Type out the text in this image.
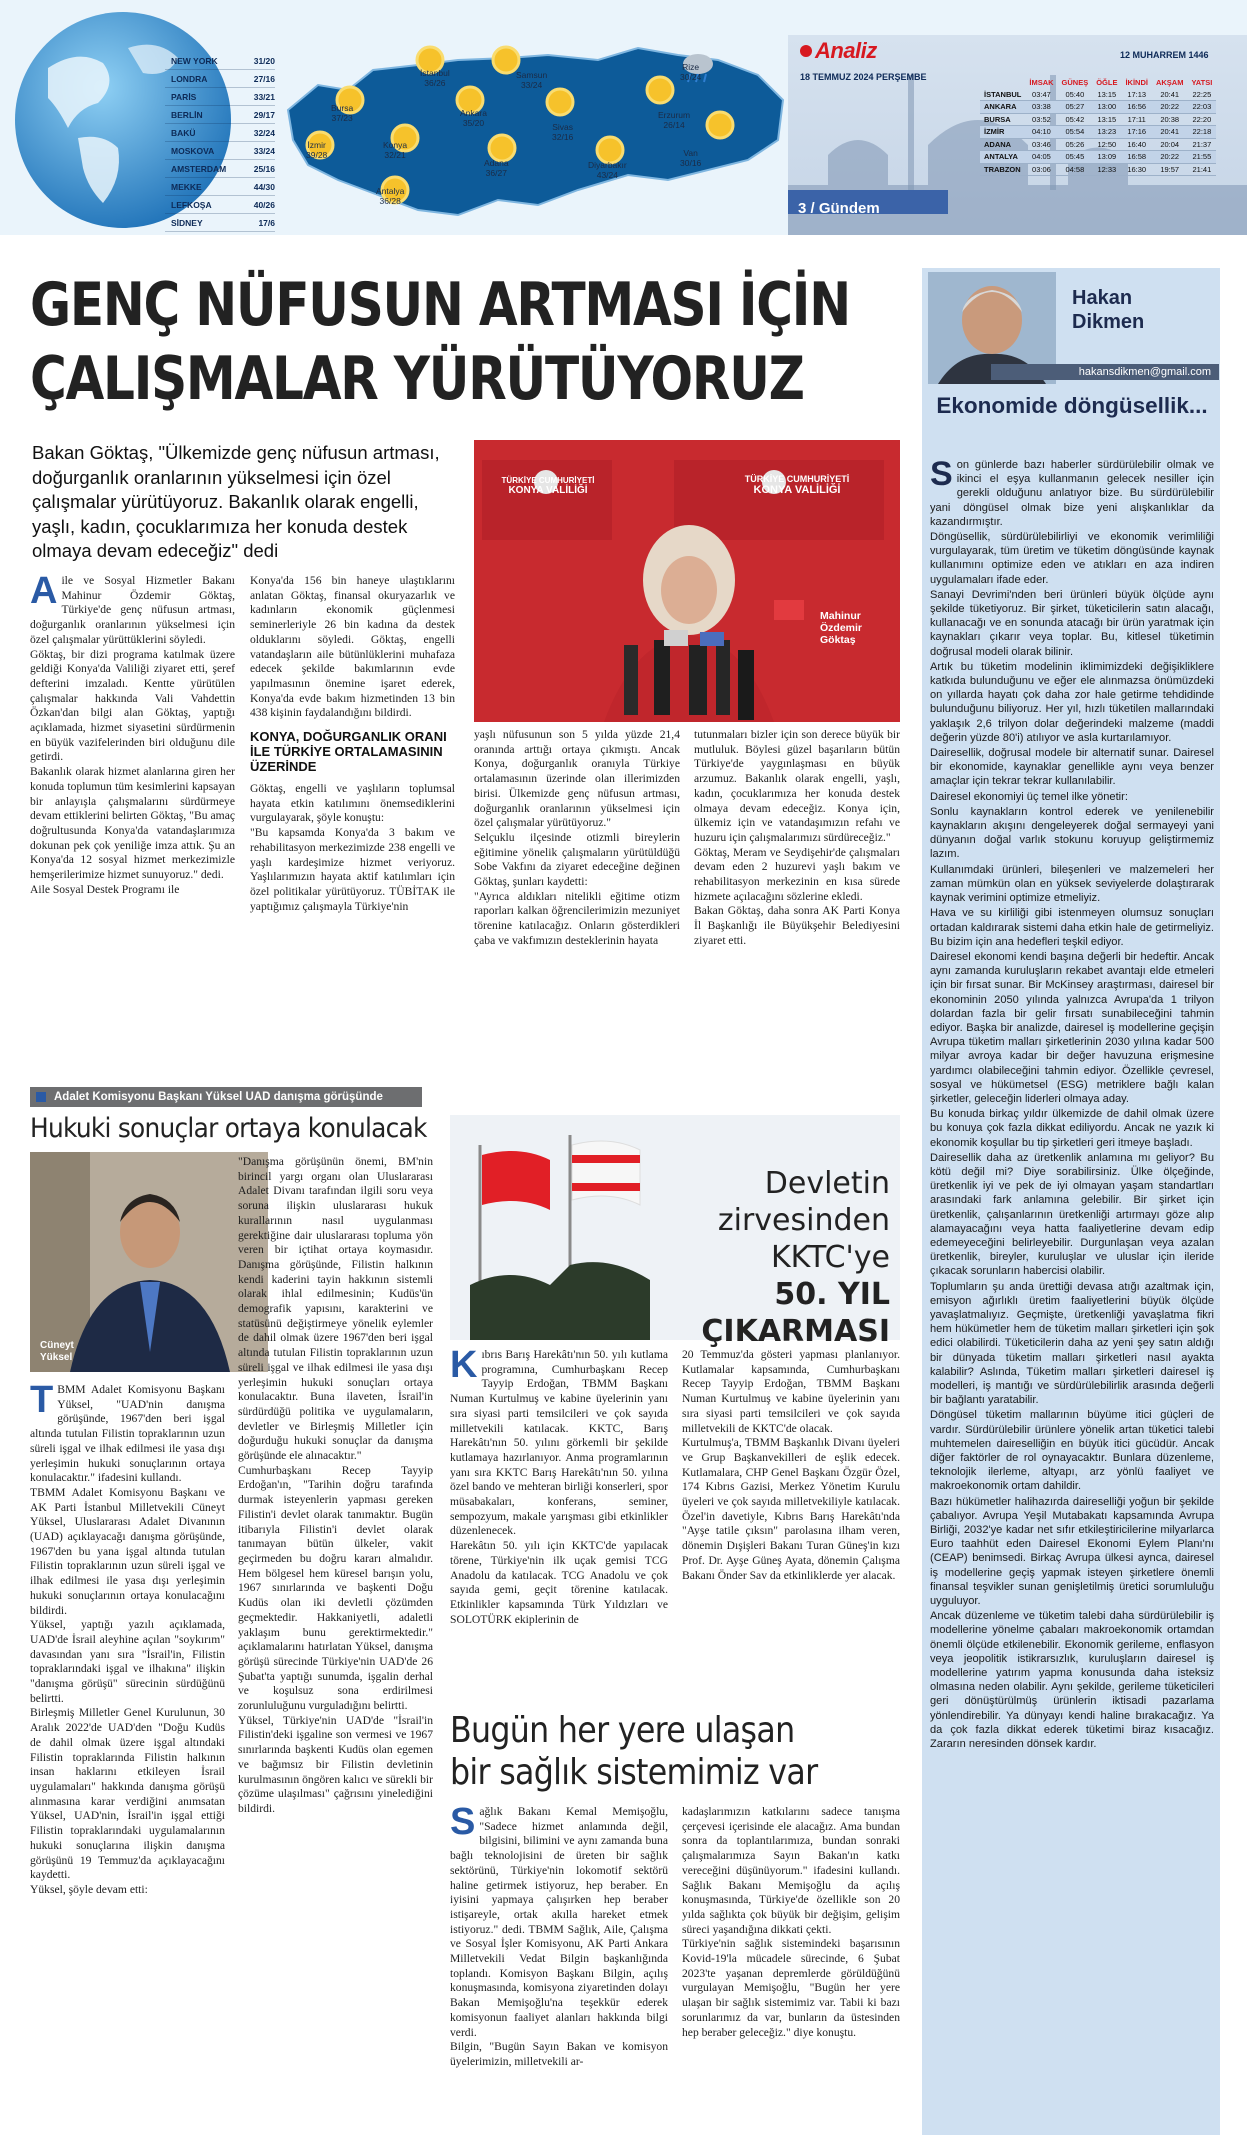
NEW YORK	31/20
LONDRA	27/16
PARİS	33/21
BERLİN	29/17
BAKÜ	32/24
MOSKOVA	33/24
AMSTERDAM	25/16
MEKKE	44/30
LEFKOŞA	40/26
SİDNEY	17/6
İstanbul
36/26
Samsun
33/24
Rize
30/24
Bursa
37/23	Ankara
35/20	Sivas
32/16
Erzurum
26/14
İzmir
39/28
Konya
32/21
Adana
36/27
Diyarbakır
43/24
Van
30/16
Antalya
36/28
Analiz
18 TEMMUZ 2024 PERŞEMBE
12 MUHARREM 1446
3 / Gündem
	İMSAK	GÜNEŞ	ÖĞLE	İKİNDİ	AKŞAM	YATSI
İSTANBUL	03:47	05:40	13:15	17:13	20:41	22:25
ANKARA	03:38	05:27	13:00	16:56	20:22	22:03
BURSA	03:52	05:42	13:15	17:11	20:38	22:20
İZMİR	04:10	05:54	13:23	17:16	20:41	22:18
ADANA	03:46	05:26	12:50	16:40	20:04	21:37
ANTALYA	04:05	05:45	13:09	16:58	20:22	21:55
TRABZON	03:06	04:58	12:33	16:30	19:57	21:41
GENÇ NÜFUSUN ARTMASI İÇİN
ÇALIŞMALAR YÜRÜTÜYORUZ
Bakan Göktaş, "Ülkemizde genç nüfusun artması, doğurganlık oranlarının yükselmesi için özel çalışmalar yürütüyoruz. Bakanlık olarak engelli, yaşlı, kadın, çocuklarımıza her konuda destek olmaya devam edeceğiz" dedi
TÜRKİYE CUMHURİYETİ
KONYA VALİLİĞİ
TÜRKİYE CUMHURİYETİ
KONYA VALİLİĞİ
Mahinur
Özdemir
Göktaş

Aile ve Sosyal Hizmetler Bakanı Mahinur Özdemir Göktaş, Türkiye'de genç nüfusun artması, doğurganlık oranlarının yükselmesi için özel çalışmalar yürüttüklerini söyledi.

Göktaş, bir dizi programa katılmak üzere geldiği Konya'da Valiliği ziyaret etti, şeref defterini imzaladı. Kentte yürütülen çalışmalar hakkında Vali Vahdettin Özkan'dan bilgi alan Göktaş, yaptığı açıklamada, hizmet siyasetini sürdürmenin en büyük vazifelerinden biri olduğunu dile getirdi.

Bakanlık olarak hizmet alanlarına giren her konuda toplumun tüm kesimlerini kapsayan bir anlayışla çalışmalarını sürdürmeye devam ettiklerini belirten Göktaş, "Bu amaç doğrultusunda Konya'da vatandaşlarımıza dokunan pek çok yeniliğe imza attık. Şu an Konya'da 12 sosyal hizmet merkezimizle hemşerilerimize hizmet sunuyoruz." dedi.

Aile Sosyal Destek Programı ile

Konya'da 156 bin haneye ulaştıklarını anlatan Göktaş, finansal okuryazarlık ve kadınların ekonomik güçlenmesi seminerleriyle 26 bin kadına da destek olduklarını söyledi. Göktaş, engelli vatandaşların aile bütünlüklerini muhafaza edecek şekilde bakımlarının evde yapılmasının önemine işaret ederek, Konya'da evde bakım hizmetinden 13 bin 438 kişinin faydalandığını bildirdi.

KONYA, DOĞURGANLIK ORANI İLE TÜRKİYE ORTALAMASININ ÜZERİNDE

Göktaş, engelli ve yaşlıların toplumsal hayata etkin katılımını önemsediklerini vurgulayarak, şöyle konuştu:

"Bu kapsamda Konya'da 3 bakım ve rehabilitasyon merkezimizde 238 engelli ve yaşlı kardeşimize hizmet veriyoruz. Yaşlılarımızın hayata aktif katılımları için özel politikalar yürütüyoruz. TÜBİTAK ile yaptığımız çalışmayla Türkiye'nin

yaşlı nüfusunun son 5 yılda yüzde 21,4 oranında arttığı ortaya çıkmıştı. Ancak Konya, doğurganlık oranıyla Türkiye ortalamasının üzerinde olan illerimizden birisi. Ülkemizde genç nüfusun artması, doğurganlık oranlarının yükselmesi için özel çalışmalar yürütüyoruz."

Selçuklu ilçesinde otizmli bireylerin eğitimine yönelik çalışmaların yürütüldüğü Sobe Vakfını da ziyaret edeceğine değinen Göktaş, şunları kaydetti:

"Ayrıca aldıkları nitelikli eğitime otizm raporları kalkan öğrencilerimizin mezuniyet törenine katılacağız. Onların gösterdikleri çaba ve vakfımızın desteklerinin hayata

tutunmaları bizler için son derece büyük bir mutluluk. Böylesi güzel başarıların bütün Türkiye'de yaygınlaşması en büyük arzumuz. Bakanlık olarak engelli, yaşlı, kadın, çocuklarımıza her konuda destek olmaya devam edeceğiz. Konya için, ülkemiz için ve vatandaşımızın refahı ve huzuru için çalışmalarımızı sürdüreceğiz."

Göktaş, Meram ve Seydişehir'de çalışmaları devam eden 2 huzurevi yaşlı bakım ve rehabilitasyon merkezinin en kısa sürede hizmete açılacağını sözlerine ekledi.

Bakan Göktaş, daha sonra AK Parti Konya İl Başkanlığı ile Büyükşehir Belediyesini ziyaret etti.

Hakan
Dikmen
hakansdikmen@gmail.com
Ekonomide döngüsellik...

Son günlerde bazı haberler sürdürülebilir olmak ve ikinci el eşya kullanmanın gelecek nesiller için gerekli olduğunu anlatıyor bize. Bu sürdürülebilir yani döngüsel olmak bize yeni alışkanlıklar da kazandırmıştır.

Döngüsellik, sürdürülebilirliyi ve ekonomik verimliliği vurgulayarak, tüm üretim ve tüketim döngüsünde kaynak kullanımını optimize eden ve atıkları en aza indiren uygulamaları ifade eder.

Sanayi Devrimi'nden beri ürünleri büyük ölçüde aynı şekilde tüketiyoruz. Bir şirket, tüketicilerin satın alacağı, kullanacağı ve en sonunda atacağı bir ürün yaratmak için kaynakları çıkarır veya toplar. Bu, kitlesel tüketimin doğrusal modeli olarak bilinir.

Artık bu tüketim modelinin iklimimizdeki değişikliklere katkıda bulunduğunu ve eğer ele alınmazsa önümüzdeki on yıllarda hayatı çok daha zor hale getirme tehdidinde bulunduğunu biliyoruz. Her yıl, hızlı tüketilen mallarındaki yaklaşık 2,6 trilyon dolar değerindeki malzeme (maddi değerin yüzde 80'i) atılıyor ve asla kurtarılamıyor.

Dairesellik, doğrusal modele bir alternatif sunar. Dairesel bir ekonomide, kaynaklar genellikle aynı veya benzer amaçlar için tekrar tekrar kullanılabilir.

Dairesel ekonomiyi üç temel ilke yönetir:

Sonlu kaynakların kontrol ederek ve yenilenebilir kaynakların akışını dengeleyerek doğal sermayeyi yani dünyanın doğal varlık stokunu koruyup geliştirmemiz lazım.

Kullanımdaki ürünleri, bileşenleri ve malzemeleri her zaman mümkün olan en yüksek seviyelerde dolaştırarak kaynak verimini optimize etmeliyiz.

Hava ve su kirliliği gibi istenmeyen olumsuz sonuçları ortadan kaldırarak sistemi daha etkin hale de getirmeliyiz. Bu bizim için ana hedefleri teşkil ediyor.

Dairesel ekonomi kendi başına değerli bir hedeftir. Ancak aynı zamanda kuruluşların rekabet avantajı elde etmeleri için bir fırsat sunar. Bir McKinsey araştırması, dairesel bir ekonominin 2050 yılında yalnızca Avrupa'da 1 trilyon dolardan fazla bir gelir fırsatı sunabileceğini tahmin ediyor. Başka bir analizde, dairesel iş modellerine geçişin Avrupa tüketim malları şirketlerinin 2030 yılına kadar 500 milyar avroya kadar bir değer havuzuna erişmesine yardımcı olabileceğini tahmin ediyor. Özellikle çevresel, sosyal ve hükümetsel (ESG) metriklere bağlı kalan şirketler, geleceğin liderleri olmaya aday.

Bu konuda birkaç yıldır ülkemizde de dahil olmak üzere bu konuya çok fazla dikkat ediliyordu. Ancak ne yazık ki ekonomik koşullar bu tip şirketleri geri itmeye başladı.

Dairesellik daha az üretkenlik anlamına mı geliyor? Bu kötü değil mi? Diye sorabilirsiniz. Ülke ölçeğinde, üretkenlik iyi ve pek de iyi olmayan yaşam standartları arasındaki fark anlamına gelebilir. Bir şirket için üretkenlik, çalışanlarının üretkenliği artırmayı göze alıp alamayacağını veya hatta faaliyetlerine devam edip edemeyeceğini belirleyebilir. Durgunlaşan veya azalan üretkenlik, bireyler, kuruluşlar ve uluslar için ileride çıkacak sorunların habercisi olabilir.

Toplumların şu anda ürettiği devasa atığı azaltmak için, emisyon ağırlıklı üretim faaliyetlerini büyük ölçüde yavaşlatmalıyız. Geçmişte, üretkenliği yavaşlatma fikri hem hükümetler hem de tüketim malları şirketleri için şok edici olabilirdi. Tüketicilerin daha az yeni şey satın aldığı bir dünyada tüketim malları şirketleri nasıl ayakta kalabilir? Aslında, Tüketim malları şirketleri dairesel iş modelleri, iş mantığı ve sürdürülebilirlik arasında değerli bir bağlantı yaratabilir.

Döngüsel tüketim mallarının büyüme itici güçleri de vardır. Sürdürülebilir ürünlere yönelik artan tüketici talebi muhtemelen daireselliğin en büyük itici gücüdür. Ancak diğer faktörler de rol oynayacaktır. Bunlara düzenleme, teknolojik ilerleme, altyapı, arz yönlü faaliyet ve makroekonomik ortam dahildir.

Bazı hükümetler halihazırda daireselliği yoğun bir şekilde çabalıyor. Avrupa Yeşil Mutabakatı kapsamında Avrupa Birliği, 2032'ye kadar net sıfır etkileştiricilerine milyarlarca Euro taahhüt eden Dairesel Ekonomi Eylem Planı'nı (CEAP) benimsedi. Birkaç Avrupa ülkesi aynca, dairesel iş modellerine geçiş yapmak isteyen şirketlere önemli finansal teşvikler sunan genişletilmiş üretici sorumluluğu uyguluyor.

Ancak düzenleme ve tüketim talebi daha sürdürülebilir iş modellerine yönelme çabaları makroekonomik ortamdan önemli ölçüde etkilenebilir. Ekonomik gerileme, enflasyon veya jeopolitik istikrarsızlık, kuruluşların dairesel iş modellerine yatırım yapma konusunda daha isteksiz olmasına neden olabilir. Aynı şekilde, gerileme tüketicileri geri dönüştürülmüş ürünlerin iktisadi pazarlama yönlendirebilir. Ya dünyayı kendi haline bırakacağız. Ya da çok fazla dikkat ederek tüketimi biraz kısacağız. Zararın neresinden dönsek kardır.

Adalet Komisyonu Başkanı Yüksel UAD danışma görüşünde
Hukuki sonuçlar ortaya konulacak
Cüneyt
Yüksel

TBMM Adalet Komisyonu Başkanı Yüksel, "UAD'nin danışma görüşünde, 1967'den beri işgal altında tutulan Filistin topraklarının uzun süreli işgal ve ilhak edilmesi ile yasa dışı yerleşimin hukuki sonuçlarının ortaya konulacaktır." ifadesini kullandı.

TBMM Adalet Komisyonu Başkanı ve AK Parti İstanbul Milletvekili Cüneyt Yüksel, Uluslararası Adalet Divanının (UAD) açıklayacağı danışma görüşünde, 1967'den bu yana işgal altında tutulan Filistin topraklarının uzun süreli işgal ve ilhak edilmesi ile yasa dışı yerleşimin hukuki sonuçlarının ortaya konulacağını bildirdi.

Yüksel, yaptığı yazılı açıklamada, UAD'de İsrail aleyhine açılan "soykırım" davasından yanı sıra "İsrail'in, Filistin topraklarındaki işgal ve ilhakına" ilişkin "danışma görüşü" sürecinin sürdüğünü belirtti.

Birleşmiş Milletler Genel Kurulunun, 30 Aralık 2022'de UAD'den "Doğu Kudüs de dahil olmak üzere işgal altındaki Filistin topraklarında Filistin halkının insan haklarını etkileyen İsrail uygulamaları" hakkında danışma görüşü alınmasına karar verdiğini anımsatan Yüksel, UAD'nin, İsrail'in işgal ettiği Filistin topraklarındaki uygulamalarının hukuki sonuçlarına ilişkin danışma görüşünü 19 Temmuz'da açıklayacağını kaydetti.

Yüksel, şöyle devam etti:

"Danışma görüşünün önemi, BM'nin birincil yargı organı olan Uluslararası Adalet Divanı tarafından ilgili soru veya soruna ilişkin uluslararası hukuk kurallarının nasıl uygulanması gerektiğine dair uluslararası topluma yön veren bir içtihat ortaya koymasıdır. Danışma görüşünde, Filistin halkının kendi kaderini tayin hakkının sistemli olarak ihlal edilmesinin; Kudüs'ün demografik yapısını, karakterini ve statüsünü değiştirmeye yönelik eylemler de dahil olmak üzere 1967'den beri işgal altında tutulan Filistin topraklarının uzun süreli işgal ve ilhak edilmesi ile yasa dışı yerleşimin hukuki sonuçları ortaya konulacaktır. Buna ilaveten, İsrail'in sürdürdüğü politika ve uygulamaların, devletler ve Birleşmiş Milletler için doğurduğu hukuki sonuçlar da danışma görüşünde ele alınacaktır."

Cumhurbaşkanı Recep Tayyip Erdoğan'ın, "Tarihin doğru tarafında durmak isteyenlerin yapması gereken Filistin'i devlet olarak tanımaktır. Bugün itibarıyla Filistin'i devlet olarak tanımayan bütün ülkeler, vakit geçirmeden bu doğru kararı almalıdır. Hem bölgesel hem küresel barışın yolu, 1967 sınırlarında ve başkenti Doğu Kudüs olan iki devletli çözümden geçmektedir. Hakkaniyetli, adaletli yaklaşım bunu gerektirmektedir." açıklamalarını hatırlatan Yüksel, danışma görüşü sürecinde Türkiye'nin UAD'de 26 Şubat'ta yaptığı sunumda, işgalin derhal ve koşulsuz sona erdirilmesi zorunluluğunu vurguladığını belirtti.

Yüksel, Türkiye'nin UAD'de "İsrail'in Filistin'deki işgaline son vermesi ve 1967 sınırlarında başkenti Kudüs olan egemen ve bağımsız bir Filistin devletinin kurulmasının öngören kalıcı ve sürekli bir çözüme ulaşılması" çağrısını yinelediğini bildirdi.

Devletin
zirvesinden
KKTC'ye
50. YIL
ÇIKARMASI

Kıbrıs Barış Harekâtı'nın 50. yılı kutlama programına, Cumhurbaşkanı Recep Tayyip Erdoğan, TBMM Başkanı Numan Kurtulmuş ve kabine üyelerinin yanı sıra siyasi parti temsilcileri ve çok sayıda milletvekili katılacak. KKTC, Barış Harekâtı'nın 50. yılını görkemli bir şekilde kutlamaya hazırlanıyor. Anma programlarının yanı sıra KKTC Barış Harekâtı'nın 50. yılına özel bando ve mehteran birliği konserleri, spor müsabakaları, konferans, seminer, sempozyum, makale yarışması gibi etkinlikler düzenlenecek.

Harekâtın 50. yılı için KKTC'de yapılacak törene, Türkiye'nin ilk uçak gemisi TCG Anadolu da katılacak. TCG Anadolu ve çok sayıda gemi, geçit törenine katılacak. Etkinlikler kapsamında Türk Yıldızları ve SOLOTÜRK ekiplerinin de

20 Temmuz'da gösteri yapması planlanıyor. Kutlamalar kapsamında, Cumhurbaşkanı Recep Tayyip Erdoğan, TBMM Başkanı Numan Kurtulmuş ve kabine üyelerinin yanı sıra siyasi parti temsilcileri ve çok sayıda milletvekili de KKTC'de olacak.

Kurtulmuş'a, TBMM Başkanlık Divanı üyeleri ve Grup Başkanvekilleri de eşlik edecek. Kutlamalara, CHP Genel Başkanı Özgür Özel, 174 Kıbrıs Gazisi, Merkez Yönetim Kurulu üyeleri ve çok sayıda milletvekiliyle katılacak. Özel'in davetiyle, Kıbrıs Barış Harekâtı'nda "Ayşe tatile çıksın" parolasına ilham veren, dönemin Dışişleri Bakanı Turan Güneş'in kızı Prof. Dr. Ayşe Güneş Ayata, dönemin Çalışma Bakanı Önder Sav da etkinliklerde yer alacak.

Bugün her yere ulaşan
bir sağlık sistemimiz var

Sağlık Bakanı Kemal Memişoğlu, "Sadece hizmet anlamında değil, bilgisini, bilimini ve aynı zamanda buna bağlı teknolojisini de üreten bir sağlık sektörünü, Türkiye'nin lokomotif sektörü haline getirmek istiyoruz, hep beraber. En iyisini yapmaya çalışırken hep beraber istişareyle, ortak akılla hareket etmek istiyoruz." dedi. TBMM Sağlık, Aile, Çalışma ve Sosyal İşler Komisyonu, AK Parti Ankara Milletvekili Vedat Bilgin başkanlığında toplandı. Komisyon Başkanı Bilgin, açılış konuşmasında, komisyona ziyaretinden dolayı Bakan Memişoğlu'na teşekkür ederek komisyonun faaliyet alanları hakkında bilgi verdi.

Bilgin, "Bugün Sayın Bakan ve komisyon üyelerimizin, milletvekili ar-

kadaşlarımızın katkılarını sadece tanışma çerçevesi içerisinde ele alacağız. Ama bundan sonra da toplantılarımıza, bundan sonraki çalışmalarımıza Sayın Bakan'ın katkı vereceğini düşünüyorum." ifadesini kullandı. Sağlık Bakanı Memişoğlu da açılış konuşmasında, Türkiye'de özellikle son 20 yılda sağlıkta çok büyük bir değişim, gelişim süreci yaşandığına dikkati çekti.

Türkiye'nin sağlık sistemindeki başarısının Kovid-19'la mücadele sürecinde, 6 Şubat 2023'te yaşanan depremlerde görüldüğünü vurgulayan Memişoğlu, "Bugün her yere ulaşan bir sağlık sistemimiz var. Tabii ki bazı sorunlarımız da var, bunların da üstesinden hep beraber geleceğiz." diye konuştu.
